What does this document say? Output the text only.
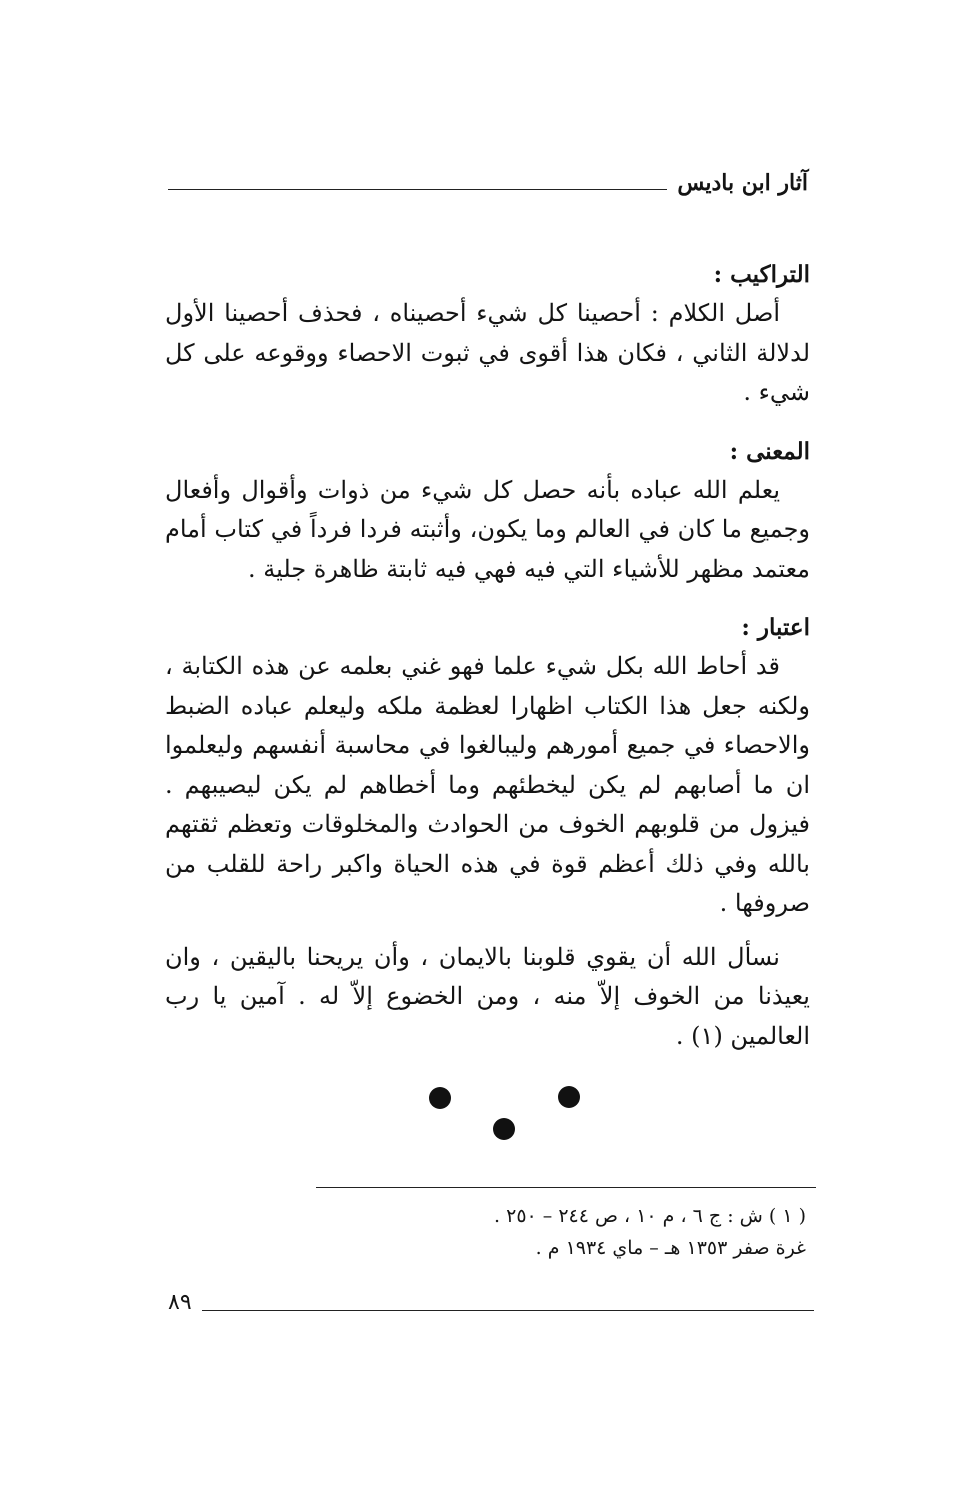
آثار ابن باديس
التراكيب :

أصل الكلام : أحصينا كل شيء أحصيناه ، فحذف أحصينا الأول لدلالة الثاني ، فكان هذا أقوى في ثبوت الاحصاء ووقوعه على كل شيء .

المعنى :

يعلم الله عباده بأنه حصل كل شيء من ذوات وأقوال وأفعال وجميع ما كان في العالم وما يكون، وأثبته فردا فرداً في كتاب أمام معتمد مظهر للأشياء التي فيه فهي فيه ثابتة ظاهرة جلية .

اعتبار :

قد أحاط الله بكل شيء علما فهو غني بعلمه عن هذه الكتابة ، ولكنه جعل هذا الكتاب اظهارا لعظمة ملكه وليعلم عباده الضبط والاحصاء في جميع أمورهم وليبالغوا في محاسبة أنفسهم وليعلموا ان ما أصابهم لم يكن ليخطئهم وما أخطاهم لم يكن ليصيبهم . فيزول من قلوبهم الخوف من الحوادث والمخلوقات وتعظم ثقتهم بالله وفي ذلك أعظم قوة في هذه الحياة واكبر راحة للقلب من صروفها .

نسأل الله أن يقوي قلوبنا بالايمان ، وأن يريحنا باليقين ، وان يعيذنا من الخوف إلاّ منه ، ومن الخضوع إلاّ له . آمين يا رب العالمين (١) .

( ١ ) ش : ج ٦ ، م ١٠ ، ص ٢٤٤ – ٢٥٠ .

غرة صفر ١٣٥٣ هـ – ماي ١٩٣٤ م .

٨٩
